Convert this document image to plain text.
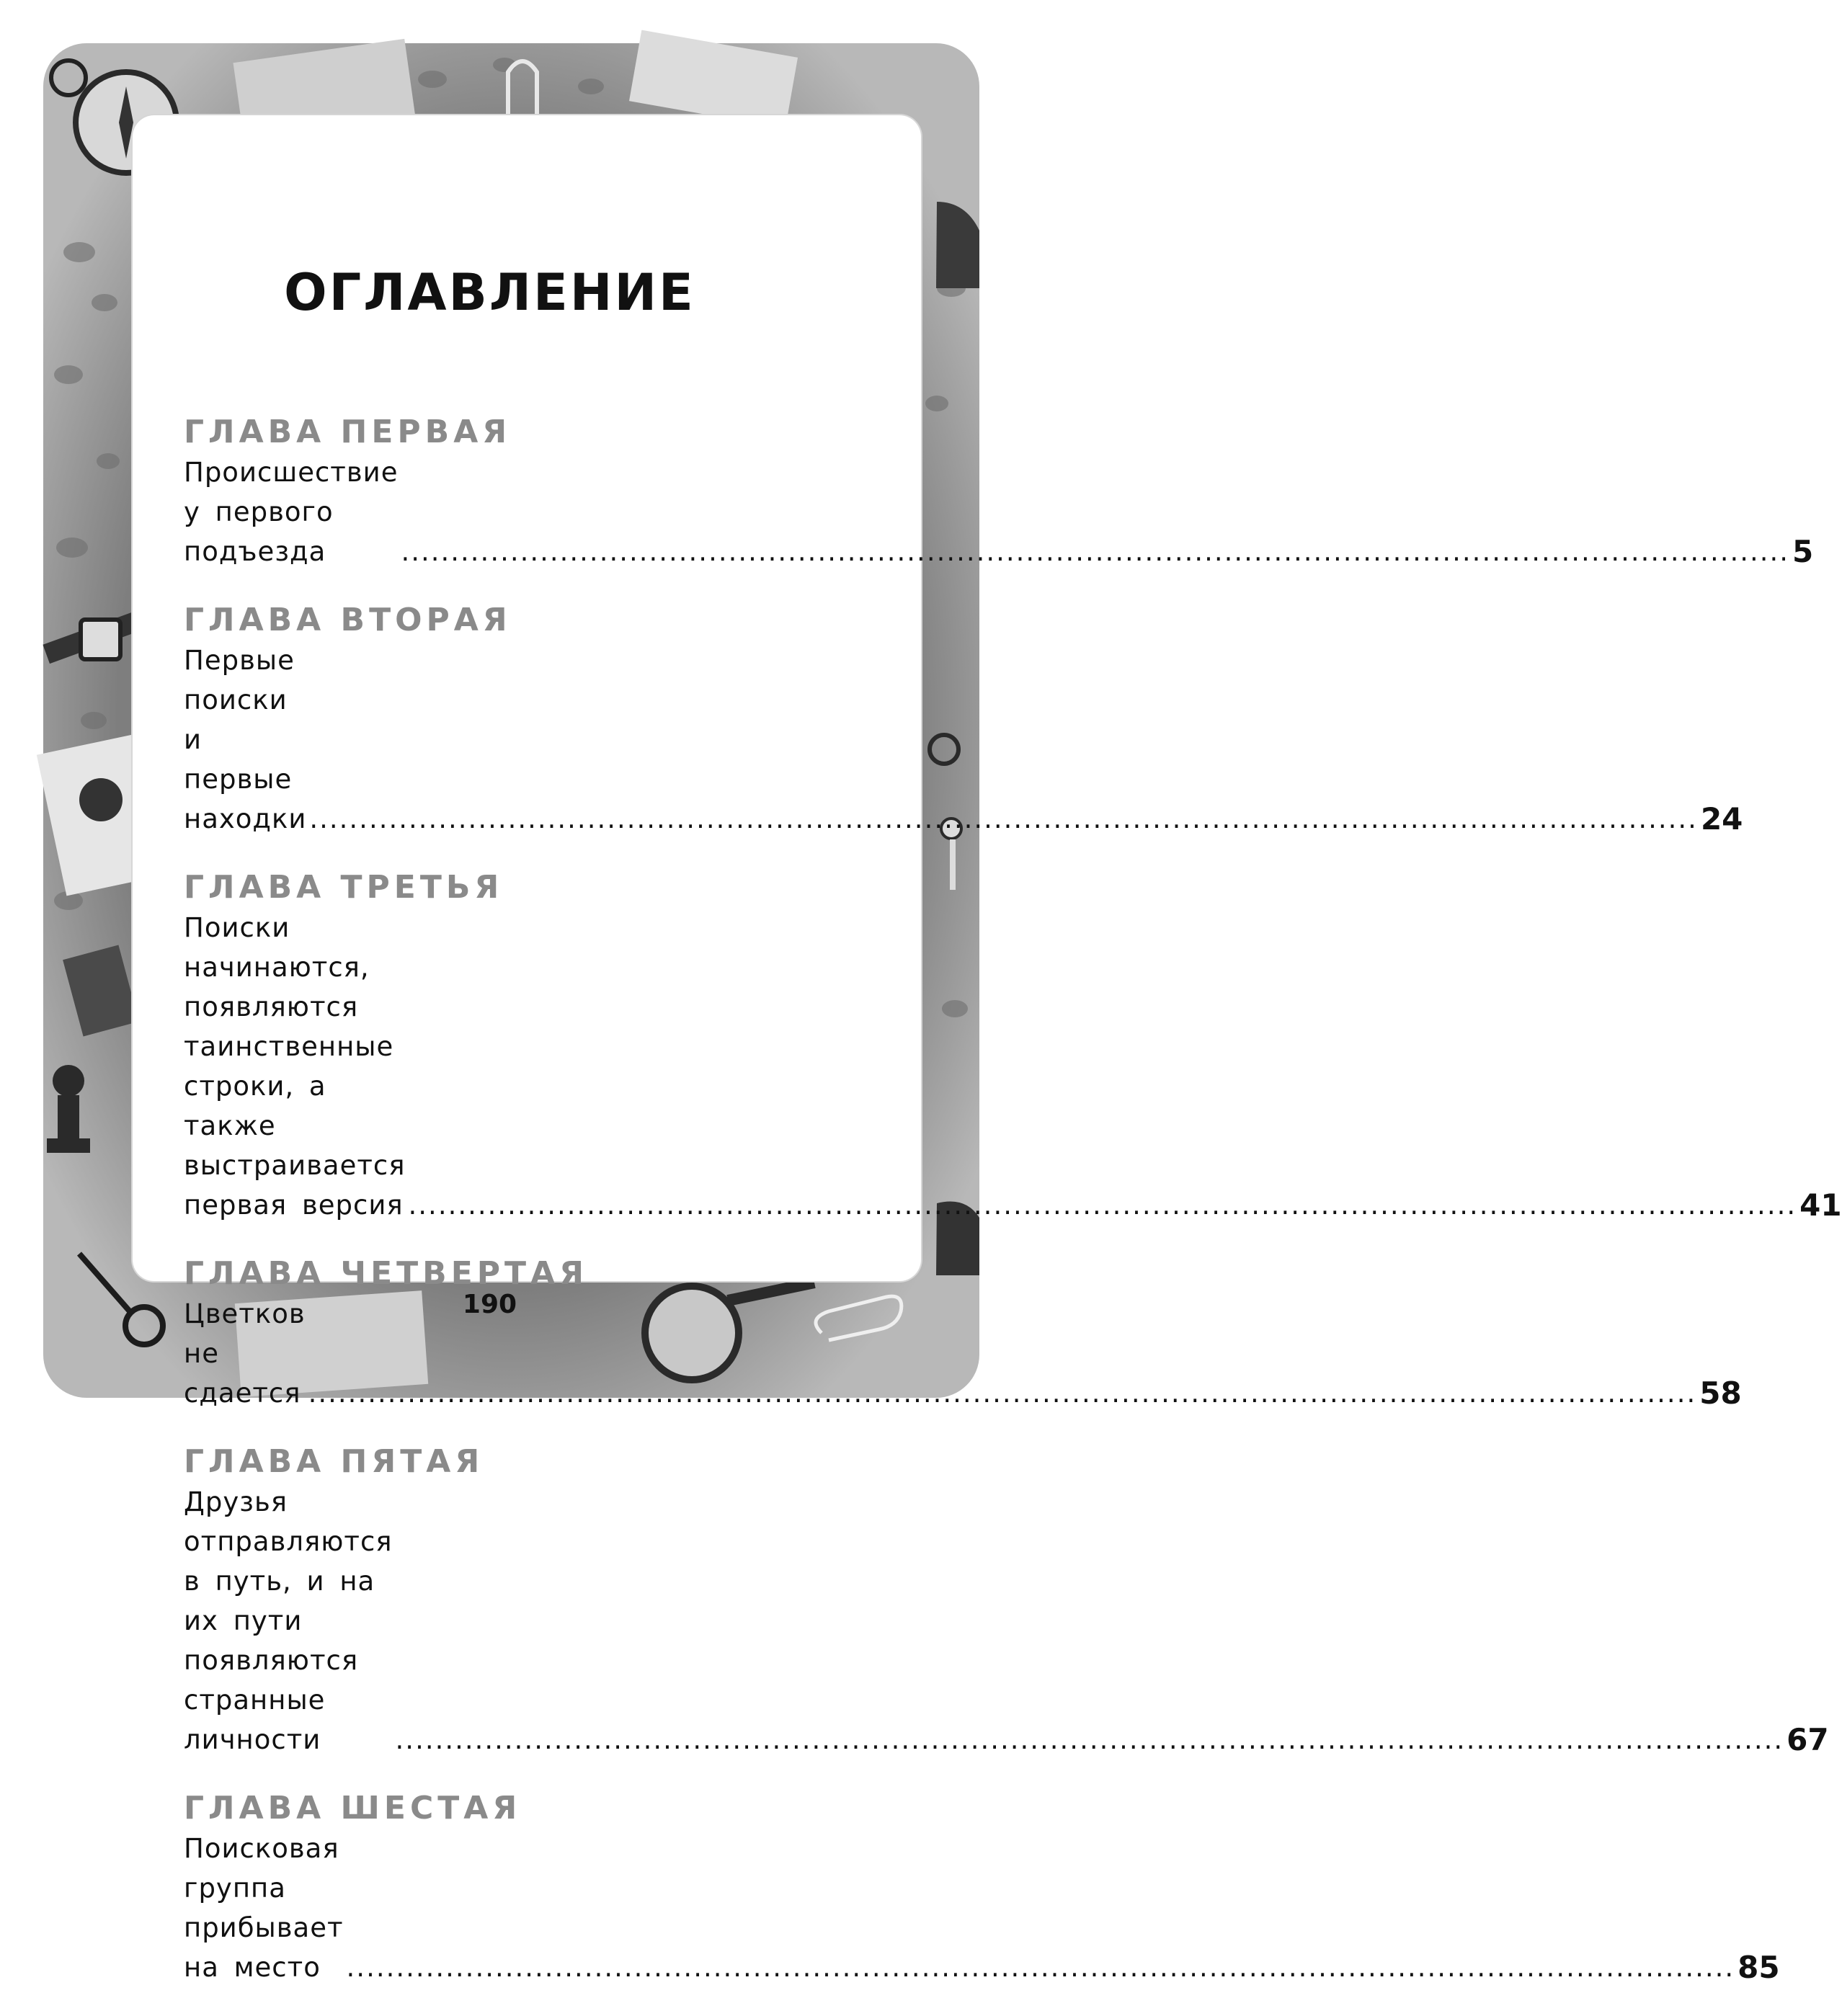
ОГЛАВЛЕНИЕ
ГЛАВА ПЕРВАЯ
Происшествие у первого подъезда .....	5
ГЛАВА ВТОРАЯ
Первые поиски и первые находки .....	24
ГЛАВА ТРЕТЬЯ
Поиски начинаются, появляются
таинственные строки, а также
выстраивается первая версия .....	41
ГЛАВА ЧЕТВЕРТАЯ
Цветков не сдается .....	58
ГЛАВА ПЯТАЯ
Друзья отправляются в путь, и на их пути
появляются странные личности .....	67
ГЛАВА ШЕСТАЯ
Поисковая группа прибывает на место .....	85
190
